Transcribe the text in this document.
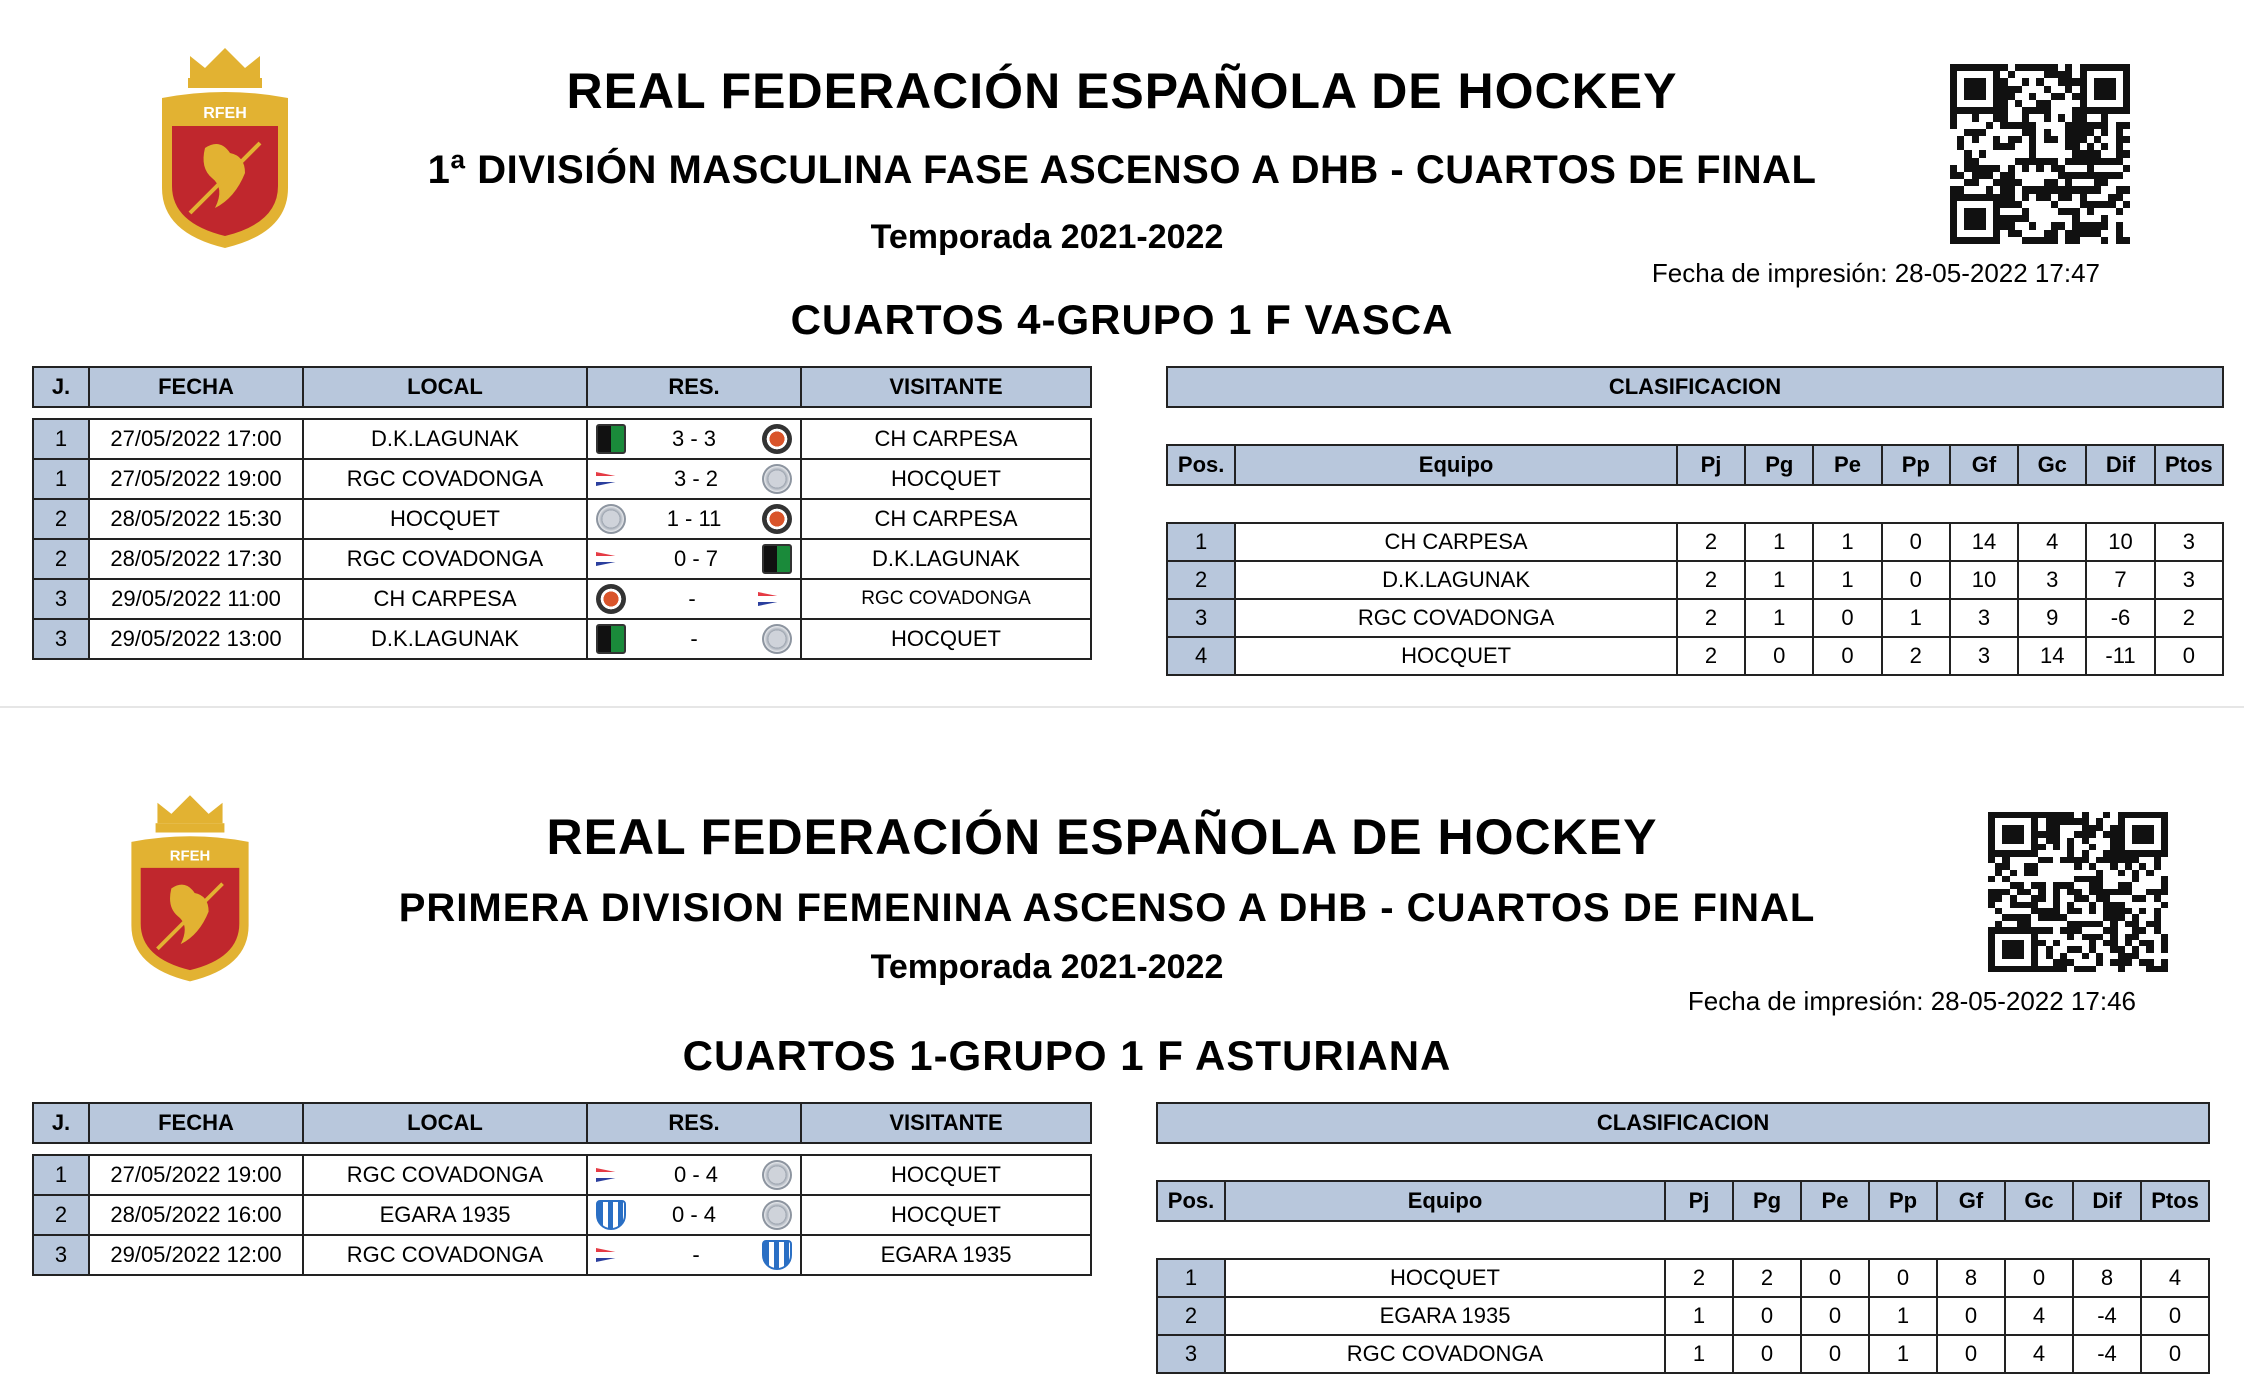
RFEH	REAL FEDERACIÓN ESPAÑOLA DE HOCKEY
1ª DIVISIÓN MASCULINA FASE ASCENSO A DHB - CUARTOS DE FINAL
Temporada 2021-2022
Fecha de impresión: 28-05-2022 17:47
CUARTOS 4-GRUPO 1 F VASCA
J.	FECHA	LOCAL	RES.	VISITANTE

1	27/05/2022 17:00	D.K.LAGUNAK	3 - 3	CH CARPESA
1	27/05/2022 19:00	RGC COVADONGA	3 - 2	HOCQUET
2	28/05/2022 15:30	HOCQUET	1 - 11	CH CARPESA
2	28/05/2022 17:30	RGC COVADONGA	0 - 7	D.K.LAGUNAK
3	29/05/2022 11:00	CH CARPESA	-	RGC COVADONGA
3	29/05/2022 13:00	D.K.LAGUNAK	-	HOCQUET
CLASIFICACION									

Pos.	Equipo	Pj	Pg	Pe	Pp	Gf	Gc	Dif	Ptos

1	CH CARPESA	2	1	1	0	14	4	10	3
2	D.K.LAGUNAK	2	1	1	0	10	3	7	3
3	RGC COVADONGA	2	1	0	1	3	9	-6	2
4	HOCQUET	2	0	0	2	3	14	-11	0
RFEH	REAL FEDERACIÓN ESPAÑOLA DE HOCKEY
PRIMERA DIVISION FEMENINA ASCENSO A DHB - CUARTOS DE FINAL
Temporada 2021-2022
Fecha de impresión: 28-05-2022 17:46
CUARTOS 1-GRUPO 1 F ASTURIANA
J.	FECHA	LOCAL	RES.	VISITANTE

1	27/05/2022 19:00	RGC COVADONGA	0 - 4	HOCQUET
2	28/05/2022 16:00	EGARA 1935	0 - 4	HOCQUET
3	29/05/2022 12:00	RGC COVADONGA	-	EGARA 1935
CLASIFICACION									

Pos.	Equipo	Pj	Pg	Pe	Pp	Gf	Gc	Dif	Ptos

1	HOCQUET	2	2	0	0	8	0	8	4
2	EGARA 1935	1	0	0	1	0	4	-4	0
3	RGC COVADONGA	1	0	0	1	0	4	-4	0
